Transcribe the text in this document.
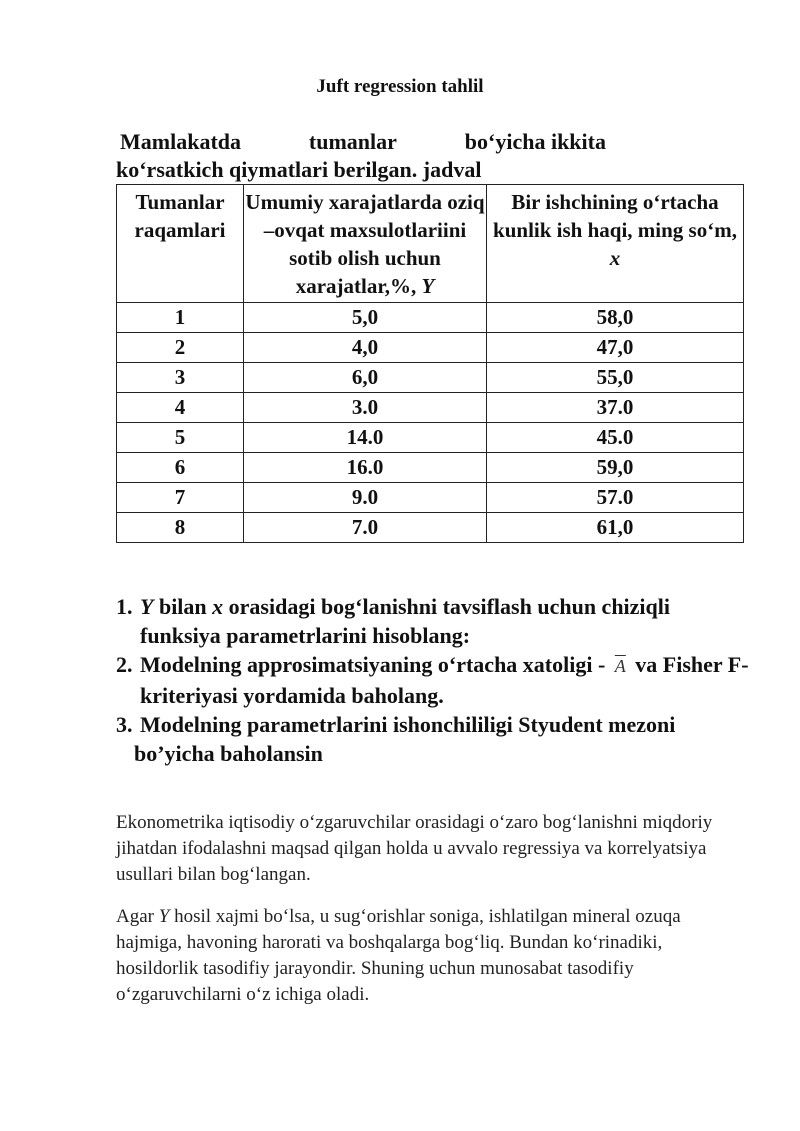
Juft regression tahlil
Mamlakatda	tumanlar	bo‘yicha ikkita
ko‘rsatkich qiymatlari berilgan. jadval
Tumanlar raqamlari	Umumiy xarajatlarda oziq –ovqat maxsulotlariini sotib olish uchun xarajatlar,%, Y	Bir ishchining o‘rtacha kunlik ish haqi, ming so‘m, x
1	5,0	58,0
2	4,0	47,0
3	6,0	55,0
4	3.0	37.0
5	14.0	45.0
6	16.0	59,0
7	9.0	57.0
8	7.0	61,0
1. Y bilan x orasidagi bog‘lanishni tavsiflash uchun chiziqli funksiya parametrlarini hisoblang:
2. Modelning approsimatsiyaning o‘rtacha xatoligi - $\overline{A}$ va Fisher F-kriteriyasi yordamida baholang.
3. Modelning parametrlarini ishonchililigi Styudent mezoni
bo’yicha baholansin
Ekonometrika iqtisodiy o‘zgaruvchilar orasidagi o‘zaro bog‘lanishni miqdoriy jihatdan ifodalashni maqsad qilgan holda u avvalo regressiya va korrelyatsiya usullari bilan bog‘langan.
Agar Y hosil xajmi bo‘lsa, u sug‘orishlar soniga, ishlatilgan mineral ozuqa hajmiga, havoning harorati va boshqalarga bog‘liq. Bundan ko‘rinadiki, hosildorlik tasodifiy jarayondir. Shuning uchun munosabat tasodifiy o‘zgaruvchilarni o‘z ichiga oladi.
